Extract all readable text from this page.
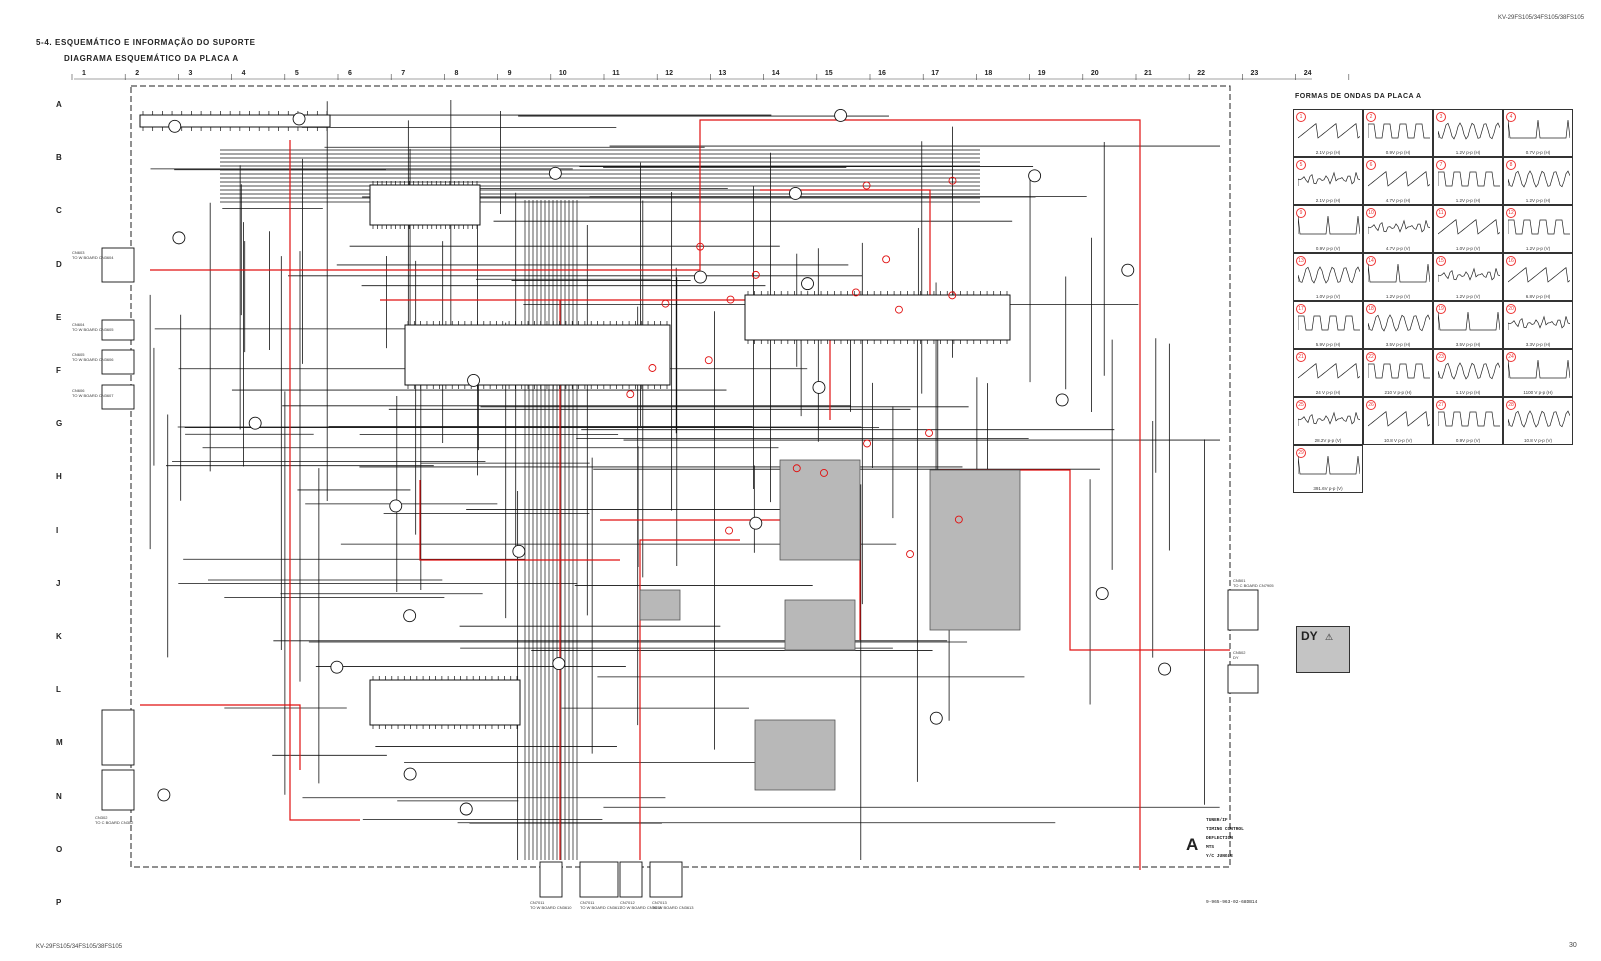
KV-29FS105/34FS105/38FS105
5-4. ESQUEMÁTICO E INFORMAÇÃO DO SUPORTE
DIAGRAMA ESQUEMÁTICO DA PLACA A
1	2	3	4	5	6	7	8	9	10	11	12	13	14	15	16	17	18	19	20	21	22	23	24
A
B
C
D
E
F
G
H
I
J
K
L
M
N
O
P
FORMAS DE ONDAS DA PLACA A
1
2.1V p-p (H)
2
0.9V p-p (H)
3
1.2V p-p (H)
4
0.7V p-p (H)
5
2.1V p-p (H)
6
4.7V p-p (H)
7
1.2V p-p (H)
8
1.2V p-p (H)
9
0.9V p-p (V)
10
4.7V p-p (V)
11
1.0V p-p (V)
12
1.2V p-p (V)
13
1.0V p-p (V)
14
1.2V p-p (V)
15
1.2V p-p (V)
16
6.8V p-p (H)
17
5.9V p-p (H)
18
3.5V p-p (H)
19
3.5V p-p (H)
20
3.3V p-p (H)
21
24 V p-p (H)
22
210 V p-p (H)
23
1.1V p-p (H)
24
1100 V p-p (H)
25
28.2V p-p (V)
26
10.8 V p-p (V)
27
0.9V p-p (V)
28
10.8 V p-p (V)
29
391.6V p-p (V)
A
TUNER/IF
TIMING CONTROL
DEFLECTION
MTS
Y/C JUNGLE
9-965-963-02-68DB14
DY ⚠
KV-29FS105/34FS105/38FS105	30
CN603
TO W BOARD CN3604
CN604
TO W BOARD CN3605
CN605
TO W BOARD CN3606
CN606
TO W BOARD CN3607
CN302
TO C BOARD CN302
CN501
TO C BOARD CN7905
CN502
DY
CN7011
TO W BOARD CN3610
CN7011
TO W BOARD CN3611
CN7012
TO W BOARD CN3612
CN7013
TO W BOARD CN3613
